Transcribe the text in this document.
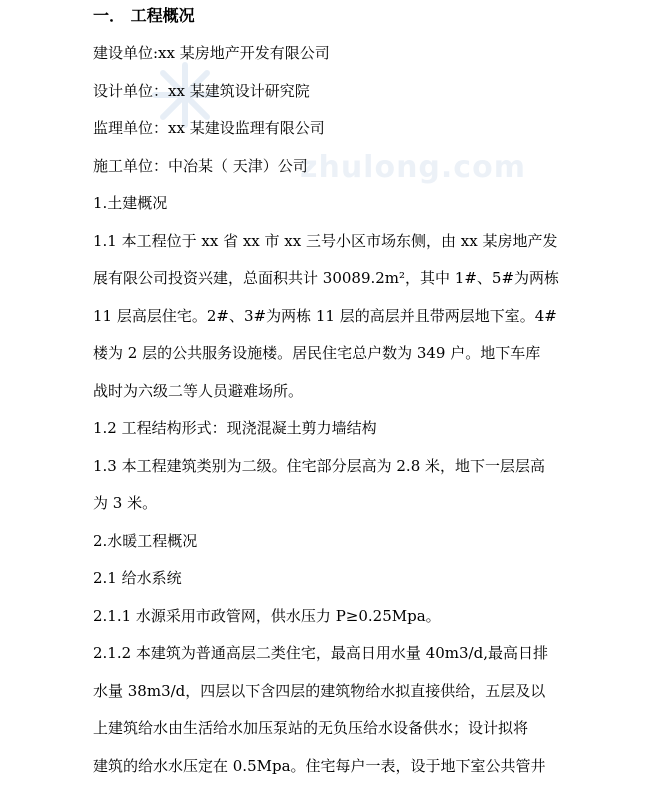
zhulong.com
一． 工程概况
建设单位:xx 某房地产开发有限公司
设计单位：xx 某建筑设计研究院
监理单位：xx 某建设监理有限公司
施工单位：中冶某（ 天津）公司
1.土建概况
1.1 本工程位于 xx 省 xx 市 xx 三号小区市场东侧，由 xx 某房地产发
展有限公司投资兴建，总面积共计 30089.2m²，其中 1#、5#为两栋
11 层高层住宅。2#、3#为两栋 11 层的高层并且带两层地下室。4#
楼为 2 层的公共服务设施楼。居民住宅总户数为 349 户。地下车库
战时为六级二等人员避难场所。
1.2 工程结构形式：现浇混凝土剪力墙结构
1.3 本工程建筑类别为二级。住宅部分层高为 2.8 米，地下一层层高
为 3 米。
2.水暖工程概况
2.1 给水系统
2.1.1 水源采用市政管网，供水压力 P≥0.25Mpa。
2.1.2 本建筑为普通高层二类住宅，最高日用水量 40m3/d,最高日排
水量 38m3/d，四层以下含四层的建筑物给水拟直接供给，五层及以
上建筑给水由生活给水加压泵站的无负压给水设备供水；设计拟将
建筑的给水水压定在 0.5Mpa。住宅每户一表，设于地下室公共管井
